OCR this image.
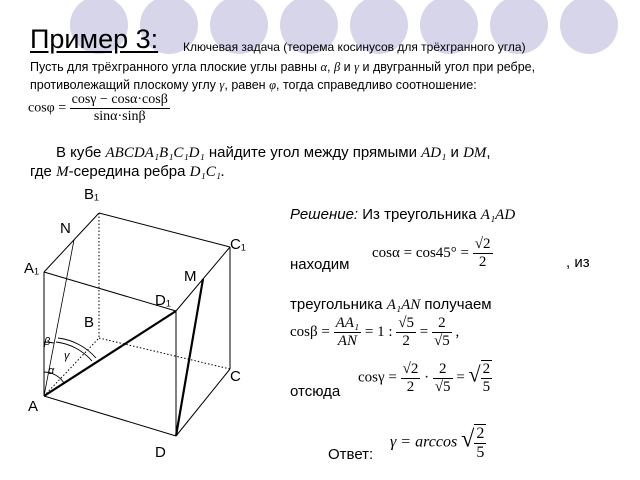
Пример 3: Ключевая задача (теорема косинусов для трёхгранного угла)
Пусть для трёхгранного угла плоские углы равны α, β и γ и двугранный угол при ребре,
противолежащий плоскому углу γ, равен φ, тогда справедливо соотношение:
$\cos\varphi = \frac{\cos\gamma - \cos\alpha\cdot\cos\beta}{\sin\alpha\cdot\sin\beta}$
В кубе ABCDA₁B₁C₁D₁ найдите угол между прямыми AD₁ и DM,
где M-середина ребра D₁C₁.
Решение: Из треугольника A₁AD
находим
$\cos\alpha = \cos 45^\circ = \frac{√2}{2}$	, из
треугольника A₁AN получаем
$\cos\beta = \frac{\text{AA₁}}{AN} = 1$ : $\frac{√5}{2} = \frac{2}{√5}$ ,
отсюда
$\cos\gamma = \frac{√2}{2} \cdot \frac{2}{√5}$ = √ $\frac{2}{5}$
Ответ:
γ = arccos √ $\frac{2}{5}$
B₁
N
C₁
A₁	M
D₁
B
C
A
D
β
γ
α
